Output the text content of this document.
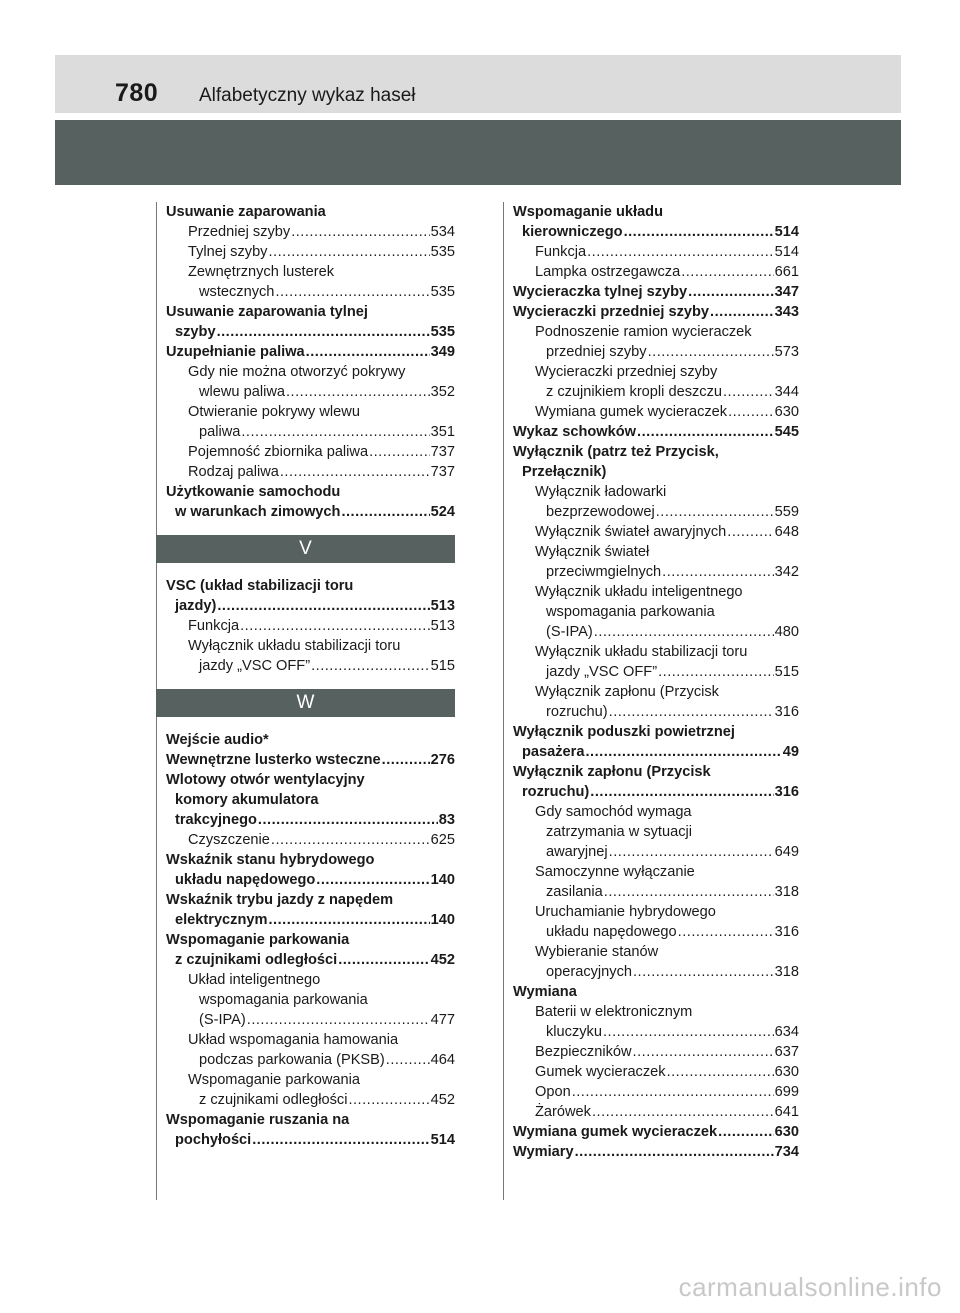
780 Alfabetyczny wykaz haseł
Usuwanie zaparowania
Przedniej szyby .....	534
Tylnej szyby .....	535
Zewnętrznych lusterek
wstecznych .....	535
Usuwanie zaparowania tylnej
szyby .....	535
Uzupełnianie paliwa .....	349
Gdy nie można otworzyć pokrywy
wlewu paliwa .....	352
Otwieranie pokrywy wlewu
paliwa .....	351
Pojemność zbiornika paliwa .....	737
Rodzaj paliwa .....	737
Użytkowanie samochodu
w warunkach zimowych .....	524
V
VSC (układ stabilizacji toru
jazdy) .....	513
Funkcja .....	513
Wyłącznik układu stabilizacji toru
jazdy „VSC OFF” .....	515
W
Wejście audio*
Wewnętrzne lusterko wsteczne .....	276
Wlotowy otwór wentylacyjny
komory akumulatora
trakcyjnego .....	83
Czyszczenie .....	625
Wskaźnik stanu hybrydowego
układu napędowego .....	140
Wskaźnik trybu jazdy z napędem
elektrycznym .....	140
Wspomaganie parkowania
z czujnikami odległości .....	452
Układ inteligentnego
wspomagania parkowania
(S-IPA) .....	477
Układ wspomagania hamowania
podczas parkowania (PKSB) .....	464
Wspomaganie parkowania
z czujnikami odległości .....	452
Wspomaganie ruszania na
pochyłości .....	514
Wspomaganie układu
kierowniczego .....	514
Funkcja .....	514
Lampka ostrzegawcza .....	661
Wycieraczka tylnej szyby .....	347
Wycieraczki przedniej szyby .....	343
Podnoszenie ramion wycieraczek
przedniej szyby .....	573
Wycieraczki przedniej szyby
z czujnikiem kropli deszczu .....	344
Wymiana gumek wycieraczek .....	630
Wykaz schowków .....	545
Wyłącznik (patrz też Przycisk,
Przełącznik)
Wyłącznik ładowarki
bezprzewodowej .....	559
Wyłącznik świateł awaryjnych .....	648
Wyłącznik świateł
przeciwmgielnych .....	342
Wyłącznik układu inteligentnego
wspomagania parkowania
(S-IPA) .....	480
Wyłącznik układu stabilizacji toru
jazdy „VSC OFF” .....	515
Wyłącznik zapłonu (Przycisk
rozruchu) .....	316
Wyłącznik poduszki powietrznej
pasażera .....	49
Wyłącznik zapłonu (Przycisk
rozruchu) .....	316
Gdy samochód wymaga
zatrzymania w sytuacji
awaryjnej .....	649
Samoczynne wyłączanie
zasilania .....	318
Uruchamianie hybrydowego
układu napędowego .....	316
Wybieranie stanów
operacyjnych .....	318
Wymiana
Baterii w elektronicznym
kluczyku .....	634
Bezpieczników .....	637
Gumek wycieraczek .....	630
Opon .....	699
Żarówek .....	641
Wymiana gumek wycieraczek .....	630
Wymiary .....	734
carmanualsonline.info
